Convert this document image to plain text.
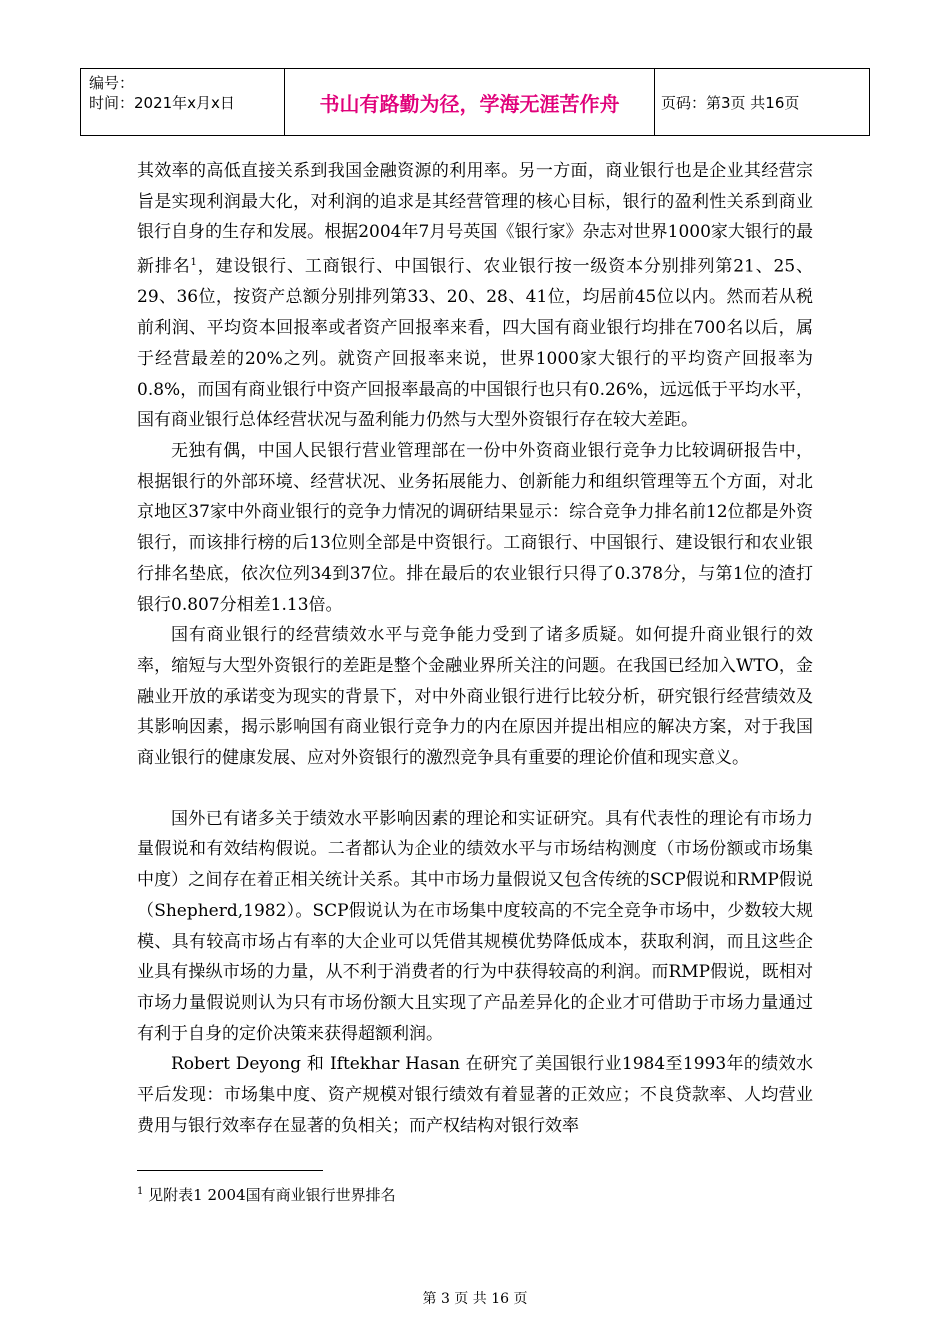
编号：
时间：2021年x月x日	书山有路勤为径，学海无涯苦作舟	页码：第3页 共16页

其效率的高低直接关系到我国金融资源的利用率。另一方面，商业银行也是企业其经营宗旨是实现利润最大化，对利润的追求是其经营管理的核心目标，银行的盈利性关系到商业银行自身的生存和发展。根据2004年7月号英国《银行家》杂志对世界1000家大银行的最新排名$^1$，建设银行、工商银行、中国银行、农业银行按一级资本分别排列第21、25、29、36位，按资产总额分别排列第33、20、28、41位，均居前45位以内。然而若从税前利润、平均资本回报率或者资产回报率来看，四大国有商业银行均排在700名以后，属于经营最差的20%之列。就资产回报率来说，世界1000家大银行的平均资产回报率为0.8%，而国有商业银行中资产回报率最高的中国银行也只有0.26%，远远低于平均水平，国有商业银行总体经营状况与盈利能力仍然与大型外资银行存在较大差距。

无独有偶，中国人民银行营业管理部在一份中外资商业银行竞争力比较调研报告中，根据银行的外部环境、经营状况、业务拓展能力、创新能力和组织管理等五个方面，对北京地区37家中外商业银行的竞争力情况的调研结果显示：综合竞争力排名前12位都是外资银行，而该排行榜的后13位则全部是中资银行。工商银行、中国银行、建设银行和农业银行排名垫底，依次位列34到37位。排在最后的农业银行只得了0.378分，与第1位的渣打银行0.807分相差1.13倍。

国有商业银行的经营绩效水平与竞争能力受到了诸多质疑。如何提升商业银行的效率，缩短与大型外资银行的差距是整个金融业界所关注的问题。在我国已经加入WTO，金融业开放的承诺变为现实的背景下，对中外商业银行进行比较分析，研究银行经营绩效及其影响因素，揭示影响国有商业银行竞争力的内在原因并提出相应的解决方案，对于我国商业银行的健康发展、应对外资银行的激烈竞争具有重要的理论价值和现实意义。

国外已有诸多关于绩效水平影响因素的理论和实证研究。具有代表性的理论有市场力量假说和有效结构假说。二者都认为企业的绩效水平与市场结构测度（市场份额或市场集中度）之间存在着正相关统计关系。其中市场力量假说又包含传统的SCP假说和RMP假说（Shepherd,1982）。SCP假说认为在市场集中度较高的不完全竞争市场中，少数较大规模、具有较高市场占有率的大企业可以凭借其规模优势降低成本，获取利润，而且这些企业具有操纵市场的力量，从不利于消费者的行为中获得较高的利润。而RMP假说，既相对市场力量假说则认为只有市场份额大且实现了产品差异化的企业才可借助于市场力量通过有利于自身的定价决策来获得超额利润。

Robert Deyong 和 Iftekhar Hasan 在研究了美国银行业1984至1993年的绩效水平后发现：市场集中度、资产规模对银行绩效有着显著的正效应；不良贷款率、人均营业费用与银行效率存在显著的负相关；而产权结构对银行效率

$^1$ 见附表1 2004国有商业银行世界排名
第 3 页 共 16 页
